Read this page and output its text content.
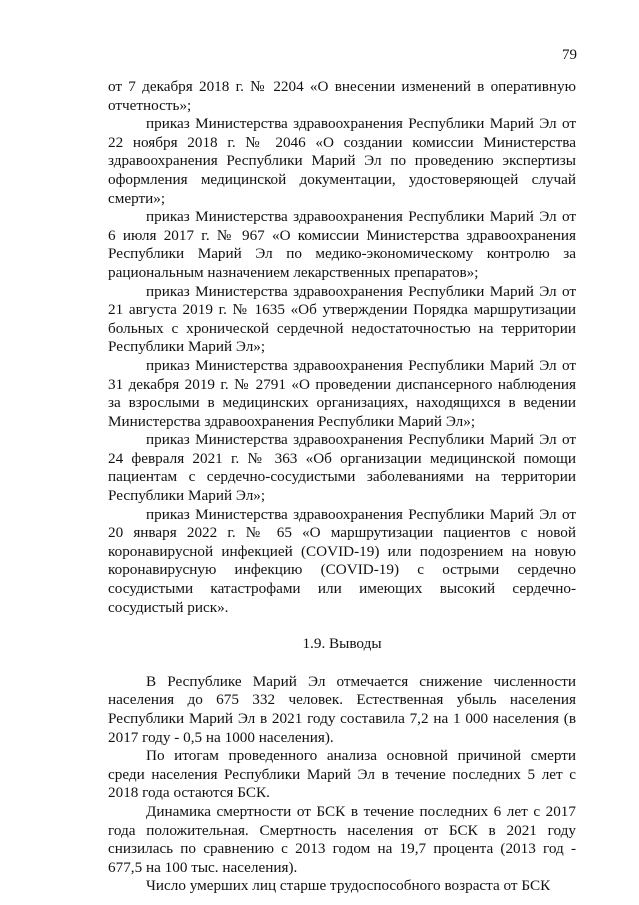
79

от 7 декабря 2018 г. № 2204 «О внесении изменений в оперативную отчетность»;

приказ Министерства здравоохранения Республики Марий Эл от 22 ноября 2018 г. № 2046 «О создании комиссии Министерства здравоохранения Республики Марий Эл по проведению экспертизы оформления медицинской документации, удостоверяющей случай смерти»;

приказ Министерства здравоохранения Республики Марий Эл от 6 июля 2017 г. № 967 «О комиссии Министерства здравоохранения Республики Марий Эл по медико-экономическому контролю за рациональным назначением лекарственных препаратов»;

приказ Министерства здравоохранения Республики Марий Эл от 21 августа 2019 г. № 1635 «Об утверждении Порядка маршрутизации больных с хронической сердечной недостаточностью на территории Республики Марий Эл»;

приказ Министерства здравоохранения Республики Марий Эл от 31 декабря 2019 г. № 2791 «О проведении диспансерного наблюдения за взрослыми в медицинских организациях, находящихся в ведении Министерства здравоохранения Республики Марий Эл»;

приказ Министерства здравоохранения Республики Марий Эл от 24 февраля 2021 г. № 363 «Об организации медицинской помощи пациентам с сердечно-сосудистыми заболеваниями на территории Республики Марий Эл»;

приказ Министерства здравоохранения Республики Марий Эл от 20 января 2022 г. № 65 «О маршрутизации пациентов с новой коронавирусной инфекцией (COVID-19) или подозрением на новую коронавирусную инфекцию (COVID-19) с острыми сердечно сосудистыми катастрофами или имеющих высокий сердечно-сосудистый риск».

1.9. Выводы

В Республике Марий Эл отмечается снижение численности населения до 675 332 человек. Естественная убыль населения Республики Марий Эл в 2021 году составила 7,2 на 1 000 населения (в 2017 году - 0,5 на 1000 населения).

По итогам проведенного анализа основной причиной смерти среди населения Республики Марий Эл в течение последних 5 лет с 2018 года остаются БСК.

Динамика смертности от БСК в течение последних 6 лет с 2017 года положительная. Смертность населения от БСК в 2021 году снизилась по сравнению с 2013 годом на 19,7 процента (2013 год - 677,5 на 100 тыс. населения).

Число умерших лиц старше трудоспособного возраста от БСК
